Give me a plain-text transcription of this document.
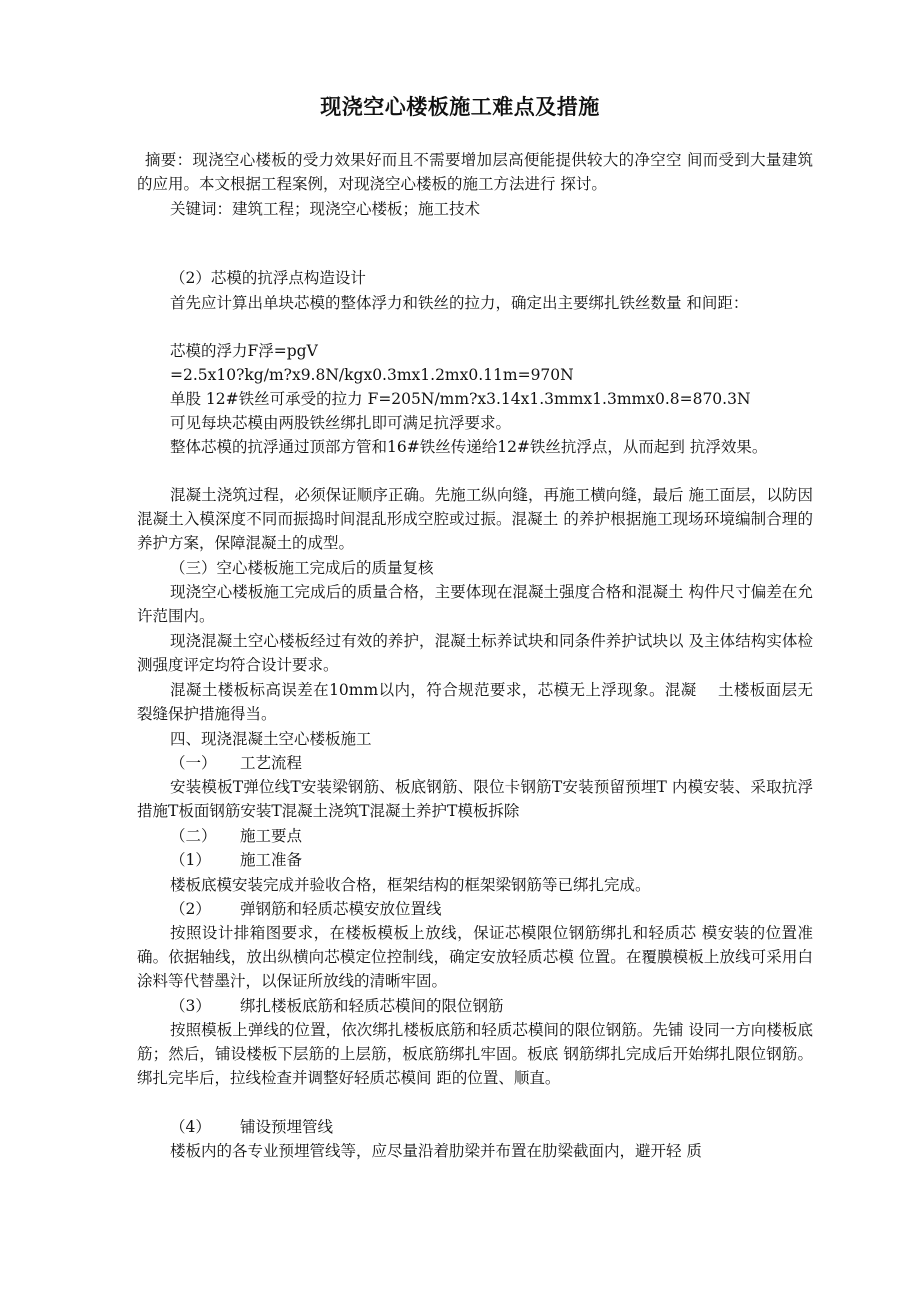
现浇空心楼板施工难点及措施

摘要：现浇空心楼板的受力效果好而且不需要增加层高便能提供较大的净空空 间而受到大量建筑的应用。本文根据工程案例，对现浇空心楼板的施工方法进行 探讨。

关键词：建筑工程；现浇空心楼板；施工技术

（2）芯模的抗浮点构造设计

首先应计算出单块芯模的整体浮力和铁丝的拉力，确定出主要绑扎铁丝数量 和间距：

芯模的浮力F浮=pgV

=2.5x10?kg/m?x9.8N/kgx0.3mx1.2mx0.11m=970N

单股 12#铁丝可承受的拉力 F=205N/mm?x3.14x1.3mmx1.3mmx0.8=870.3N

可见每块芯模由两股铁丝绑扎即可满足抗浮要求。

整体芯模的抗浮通过顶部方管和16#铁丝传递给12#铁丝抗浮点，从而起到 抗浮效果。

混凝土浇筑过程，必须保证顺序正确。先施工纵向缝，再施工横向缝，最后 施工面层，以防因混凝土入模深度不同而振捣时间混乱形成空腔或过振。混凝土 的养护根据施工现场环境编制合理的养护方案，保障混凝土的成型。

（三）空心楼板施工完成后的质量复核

现浇空心楼板施工完成后的质量合格，主要体现在混凝土强度合格和混凝土 构件尺寸偏差在允许范围内。

现浇混凝土空心楼板经过有效的养护，混凝土标养试块和同条件养护试块以 及主体结构实体检测强度评定均符合设计要求。

混凝土楼板标高误差在10mm以内，符合规范要求，芯模无上浮现象。混凝　 土楼板面层无裂缝保护措施得当。

四、现浇混凝土空心楼板施工

（一） 工艺流程

安装模板T弹位线T安装梁钢筋、板底钢筋、限位卡钢筋T安装预留预埋T 内模安装、采取抗浮措施T板面钢筋安装T混凝土浇筑T混凝土养护T模板拆除

（二） 施工要点

（1） 施工准备

楼板底模安装完成并验收合格，框架结构的框架梁钢筋等已绑扎完成。

（2） 弹钢筋和轻质芯模安放位置线

按照设计排箱图要求，在楼板模板上放线，保证芯模限位钢筋绑扎和轻质芯 模安装的位置准确。依据轴线，放出纵横向芯模定位控制线，确定安放轻质芯模 位置。在覆膜模板上放线可采用白涂料等代替墨汁，以保证所放线的清晰牢固。

（3） 绑扎楼板底筋和轻质芯模间的限位钢筋

按照模板上弹线的位置，依次绑扎楼板底筋和轻质芯模间的限位钢筋。先铺 设同一方向楼板底筋；然后，铺设楼板下层筋的上层筋，板底筋绑扎牢固。板底 钢筋绑扎完成后开始绑扎限位钢筋。绑扎完毕后，拉线检查并调整好轻质芯模间 距的位置、顺直。

（4） 铺设预埋管线

楼板内的各专业预埋管线等，应尽量沿着肋梁并布置在肋梁截面内，避开轻 质
